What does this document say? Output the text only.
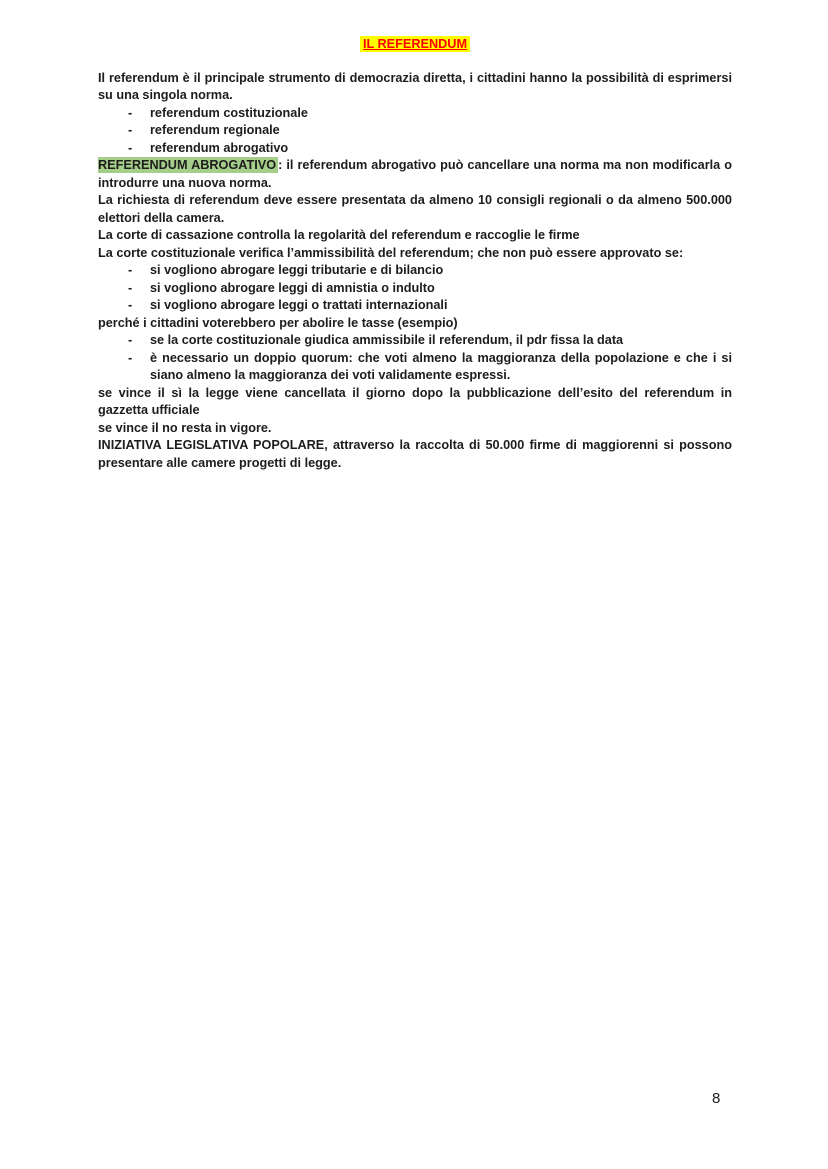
IL REFERENDUM

Il referendum è il principale strumento di democrazia diretta, i cittadini hanno la possibilità di esprimersi su una singola norma.

-	referendum costituzionale
-	referendum regionale
-	referendum abrogativo

REFERENDUM ABROGATIVO : il referendum abrogativo può cancellare una norma ma non modificarla o introdurre una nuova norma.

La richiesta di referendum deve essere presentata da almeno 10 consigli regionali o da almeno 500.000 elettori della camera.

La corte di cassazione controlla la regolarità del referendum e raccoglie le firme

La corte costituzionale verifica l’ammissibilità del referendum; che non può essere approvato se:

-	si vogliono abrogare leggi tributarie e di bilancio
-	si vogliono abrogare leggi di amnistia o indulto
-	si vogliono abrogare leggi o trattati internazionali

perché i cittadini voterebbero per abolire le tasse (esempio)

-	se la corte costituzionale giudica ammissibile il referendum, il pdr fissa la data
-	è necessario un doppio quorum: che voti almeno la maggioranza della popolazione e che i si siano almeno la maggioranza dei voti validamente espressi.

se vince il sì la legge viene cancellata il giorno dopo la pubblicazione dell’esito del referendum in gazzetta ufficiale

se vince il no resta in vigore.

INIZIATIVA LEGISLATIVA POPOLARE, attraverso la raccolta di 50.000 firme di maggiorenni si possono presentare alle camere progetti di legge.

8
